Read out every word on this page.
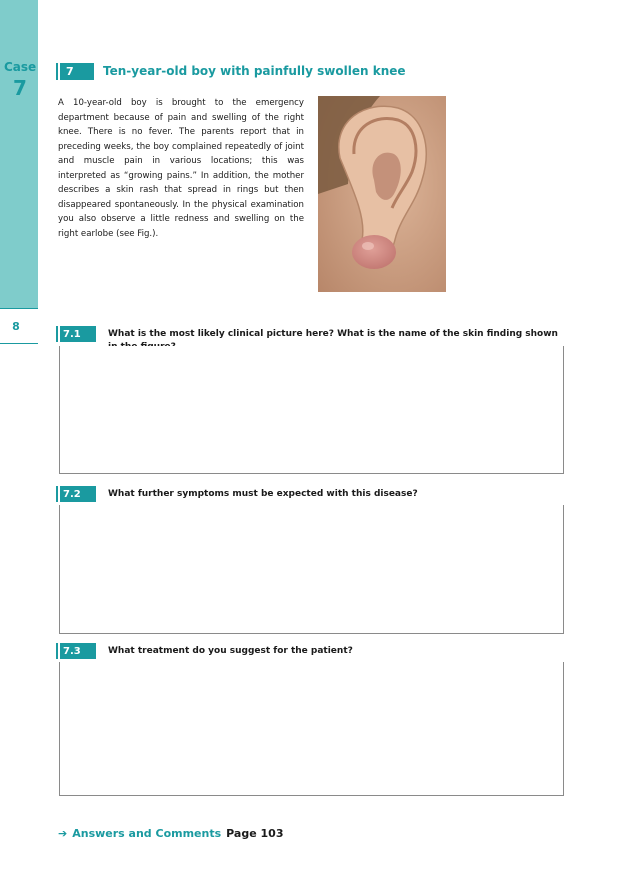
Case
7
8
7	Ten-year-old boy with painfully swollen knee

A 10-year-old boy is brought to the emergency department because of pain and swelling of the right knee. There is no fever. The parents report that in preceding weeks, the boy complained repeatedly of joint and muscle pain in various locations; this was interpreted as “growing pains.” In addition, the mother describes a skin rash that spread in rings but then disappeared spontaneously. In the physical examination you also observe a little redness and swelling on the right earlobe (see Fig.).

7.1	What is the most likely clinical picture here? What is the name of the skin finding shown
7.2	What further symptoms must be expected with this disease?
7.3	What treatment do you suggest for the patient?
➔ Answers and Comments Page 103
